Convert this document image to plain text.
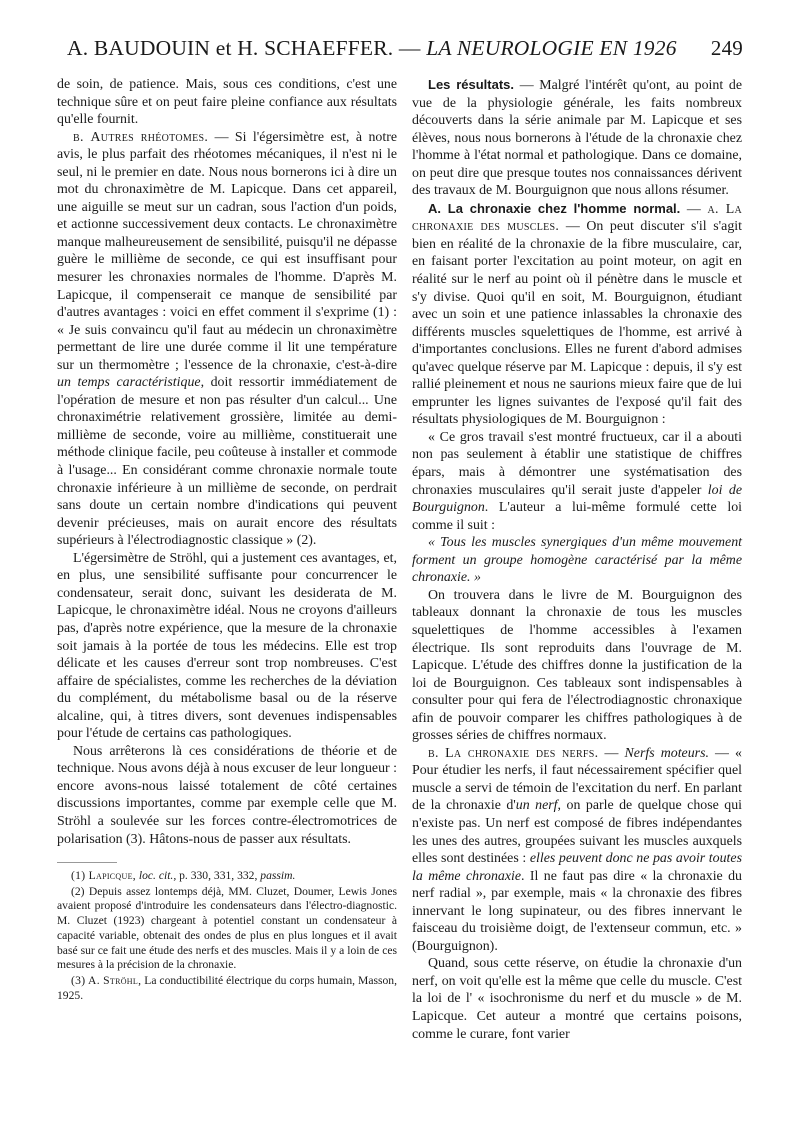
A. BAUDOUIN et H. SCHAEFFER. — LA NEUROLOGIE EN 1926 249

de soin, de patience. Mais, sous ces conditions, c'est une technique sûre et on peut faire pleine confiance aux résultats qu'elle fournit.

β. Autres rhéotomes. — Si l'égersimètre est, à notre avis, le plus parfait des rhéotomes mécaniques, il n'est ni le seul, ni le premier en date. Nous nous bornerons ici à dire un mot du chronaximètre de M. Lapicque. Dans cet appareil, une aiguille se meut sur un cadran, sous l'action d'un poids, et actionne successivement deux contacts. Le chronaximètre manque malheureusement de sensibilité, puisqu'il ne dépasse guère le millième de seconde, ce qui est insuffisant pour mesurer les chronaxies normales de l'homme. D'après M. Lapicque, il compenserait ce manque de sensibilité par d'autres avantages : voici en effet comment il s'exprime (1) : « Je suis convaincu qu'il faut au médecin un chronaximètre permettant de lire une durée comme il lit une température sur un thermomètre ; l'essence de la chronaxie, c'est-à-dire un temps caractéristique, doit ressortir immédiatement de l'opération de mesure et non pas résulter d'un calcul... Une chronaximétrie relativement grossière, limitée au demi-millième de seconde, voire au millième, constituerait une méthode clinique facile, peu coûteuse à installer et commode à l'usage... En considérant comme chronaxie normale toute chronaxie inférieure à un millième de seconde, on perdrait sans doute un certain nombre d'indications qui peuvent devenir précieuses, mais on aurait encore des résultats supérieurs à l'électrodiagnostic classique » (2).

L'égersimètre de Ströhl, qui a justement ces avantages, et, en plus, une sensibilité suffisante pour concurrencer le condensateur, serait donc, suivant les desiderata de M. Lapicque, le chronaximètre idéal. Nous ne croyons d'ailleurs pas, d'après notre expérience, que la mesure de la chronaxie soit jamais à la portée de tous les médecins. Elle est trop délicate et les causes d'erreur sont trop nombreuses. C'est affaire de spécialistes, comme les recherches de la déviation du complément, du métabolisme basal ou de la réserve alcaline, qui, à titres divers, sont devenues indispensables pour l'étude de certains cas pathologiques.

Nous arrêterons là ces considérations de théorie et de technique. Nous avons déjà à nous excuser de leur longueur : encore avons-nous laissé totalement de côté certaines discussions importantes, comme par exemple celle que M. Ströhl a soulevée sur les forces contre-électromotrices de polarisation (3). Hâtons-nous de passer aux résultats.

(1) Lapicque, loc. cit., p. 330, 331, 332, passim.

(2) Depuis assez lontemps déjà, MM. Cluzet, Doumer, Lewis Jones avaient proposé d'introduire les condensateurs dans l'électro-diagnostic. M. Cluzet (1923) chargeant à potentiel constant un condensateur à capacité variable, obtenait des ondes de plus en plus longues et il avait basé sur ce fait une étude des nerfs et des muscles. Mais il y a loin de ces mesures à la précision de la chronaxie.

(3) A. Ströhl, La conductibilité électrique du corps humain, Masson, 1925.

Les résultats. — Malgré l'intérêt qu'ont, au point de vue de la physiologie générale, les faits nombreux découverts dans la série animale par M. Lapicque et ses élèves, nous nous bornerons à l'étude de la chronaxie chez l'homme à l'état normal et pathologique. Dans ce domaine, on peut dire que presque toutes nos connaissances dérivent des travaux de M. Bourguignon que nous allons résumer.

A. La chronaxie chez l'homme normal. — a. La chronaxie des muscles. — On peut discuter s'il s'agit bien en réalité de la chronaxie de la fibre musculaire, car, en faisant porter l'excitation au point moteur, on agit en réalité sur le nerf au point où il pénètre dans le muscle et s'y divise. Quoi qu'il en soit, M. Bourguignon, étudiant avec un soin et une patience inlassables la chronaxie des différents muscles squelettiques de l'homme, est arrivé à d'importantes conclusions. Elles ne furent d'abord admises qu'avec quelque réserve par M. Lapicque : depuis, il s'y est rallié pleinement et nous ne saurions mieux faire que de lui emprunter les lignes suivantes de l'exposé qu'il fait des résultats physiologiques de M. Bourguignon :

« Ce gros travail s'est montré fructueux, car il a abouti non pas seulement à établir une statistique de chiffres épars, mais à démontrer une systématisation des chronaxies musculaires qu'il serait juste d'appeler loi de Bourguignon. L'auteur a lui-même formulé cette loi comme il suit :

« Tous les muscles synergiques d'un même mouvement forment un groupe homogène caractérisé par la même chronaxie. »

On trouvera dans le livre de M. Bourguignon des tableaux donnant la chronaxie de tous les muscles squelettiques de l'homme accessibles à l'examen électrique. Ils sont reproduits dans l'ouvrage de M. Lapicque. L'étude des chiffres donne la justification de la loi de Bourguignon. Ces tableaux sont indispensables à consulter pour qui fera de l'électrodiagnostic chronaxique afin de pouvoir comparer les chiffres pathologiques à de grosses séries de chiffres normaux.

b. La chronaxie des nerfs. — Nerfs moteurs. — « Pour étudier les nerfs, il faut nécessairement spécifier quel muscle a servi de témoin de l'excitation du nerf. En parlant de la chronaxie d'un nerf, on parle de quelque chose qui n'existe pas. Un nerf est composé de fibres indépendantes les unes des autres, groupées suivant les muscles auxquels elles sont destinées : elles peuvent donc ne pas avoir toutes la même chronaxie. Il ne faut pas dire « la chronaxie du nerf radial », par exemple, mais « la chronaxie des fibres innervant le long supinateur, ou des fibres innervant le faisceau du troisième doigt, de l'extenseur commun, etc. » (Bourguignon).

Quand, sous cette réserve, on étudie la chronaxie d'un nerf, on voit qu'elle est la même que celle du muscle. C'est la loi de l' « isochronisme du nerf et du muscle » de M. Lapicque. Cet auteur a montré que certains poisons, comme le curare, font varier
